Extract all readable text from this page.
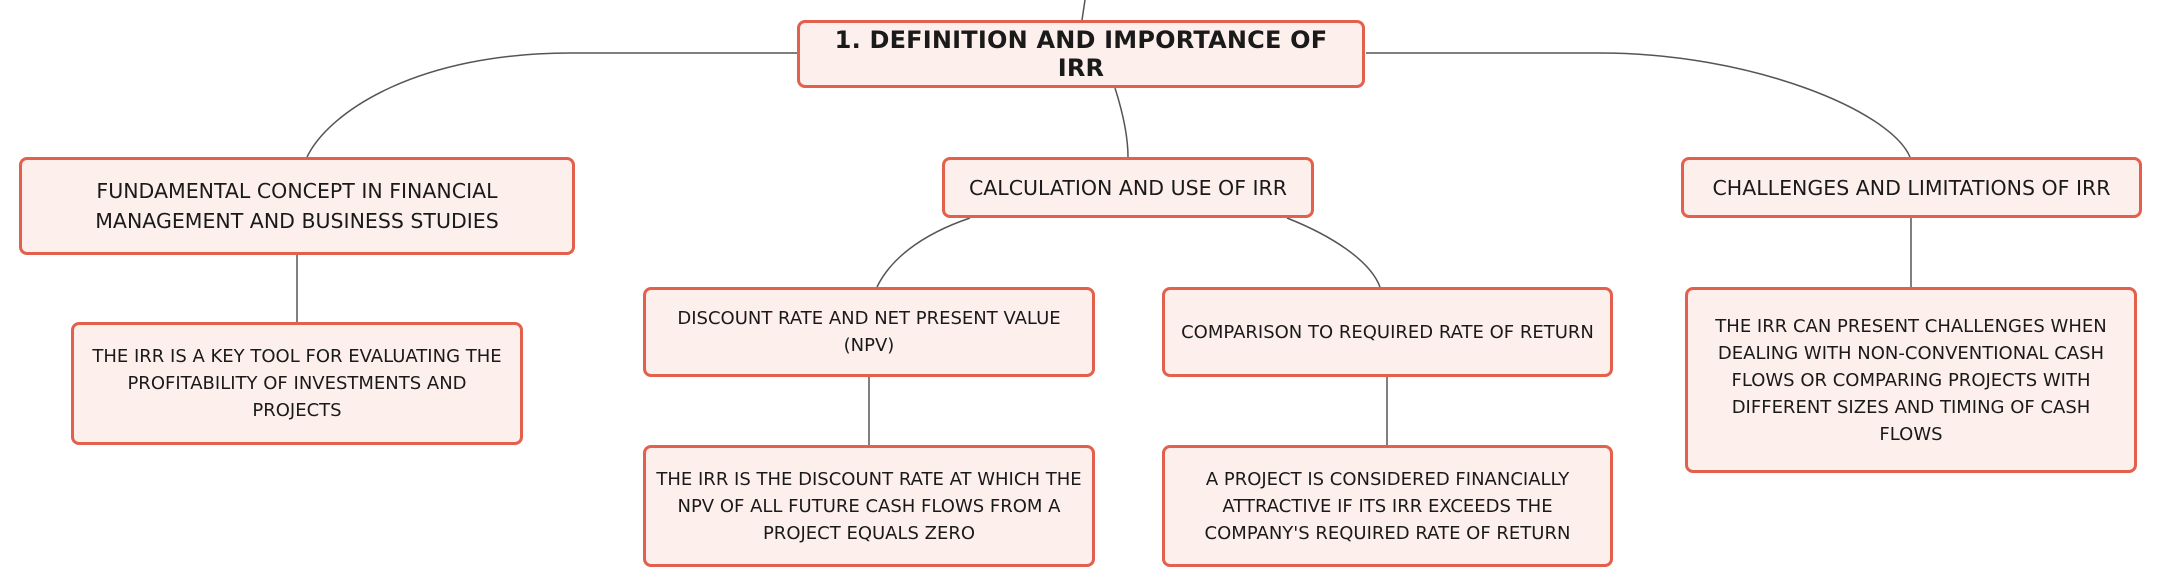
1. DEFINITION AND IMPORTANCE OF IRR
FUNDAMENTAL CONCEPT IN FINANCIAL MANAGEMENT AND BUSINESS STUDIES
CALCULATION AND USE OF IRR	CHALLENGES AND LIMITATIONS OF IRR
THE IRR IS A KEY TOOL FOR EVALUATING THE PROFITABILITY OF INVESTMENTS AND PROJECTS
DISCOUNT RATE AND NET PRESENT VALUE (NPV)
COMPARISON TO REQUIRED RATE OF RETURN	THE IRR CAN PRESENT CHALLENGES WHEN DEALING WITH NON-CONVENTIONAL CASH FLOWS OR COMPARING PROJECTS WITH DIFFERENT SIZES AND TIMING OF CASH FLOWS
THE IRR IS THE DISCOUNT RATE AT WHICH THE NPV OF ALL FUTURE CASH FLOWS FROM A PROJECT EQUALS ZERO
A PROJECT IS CONSIDERED FINANCIALLY ATTRACTIVE IF ITS IRR EXCEEDS THE COMPANY'S REQUIRED RATE OF RETURN
